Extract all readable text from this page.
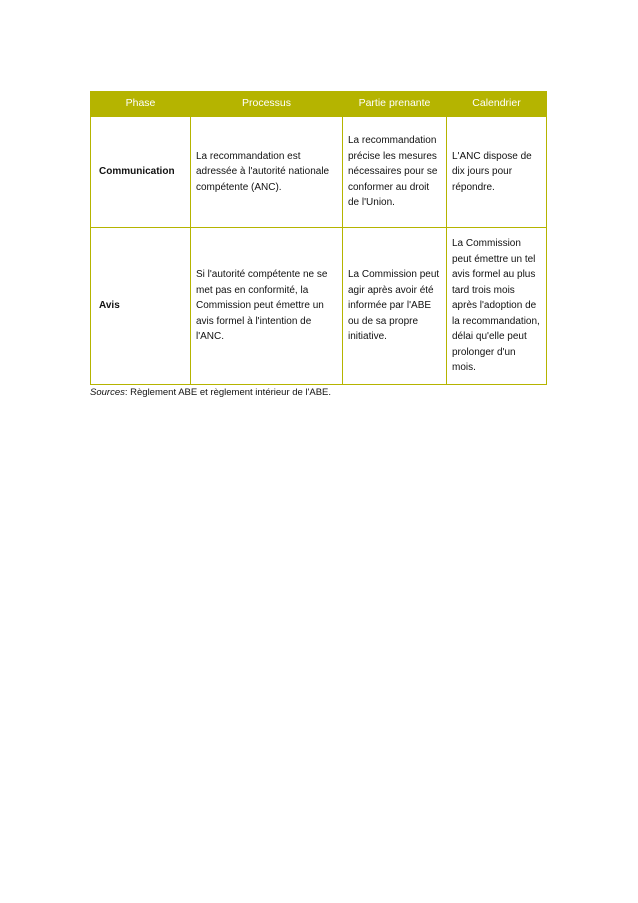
Phase	Processus	Partie prenante	Calendrier
Communication	La recommandation est adressée à l'autorité nationale compétente (ANC).	La recommandation précise les mesures nécessaires pour se conformer au droit de l'Union.	L'ANC dispose de dix jours pour répondre.
Avis	Si l'autorité compétente ne se met pas en conformité, la Commission peut émettre un avis formel à l'intention de l'ANC.	La Commission peut agir après avoir été informée par l'ABE ou de sa propre initiative.	La Commission peut émettre un tel avis formel au plus tard trois mois après l'adoption de la recommandation, délai qu'elle peut prolonger d'un mois.
Sources: Règlement ABE et règlement intérieur de l'ABE.
